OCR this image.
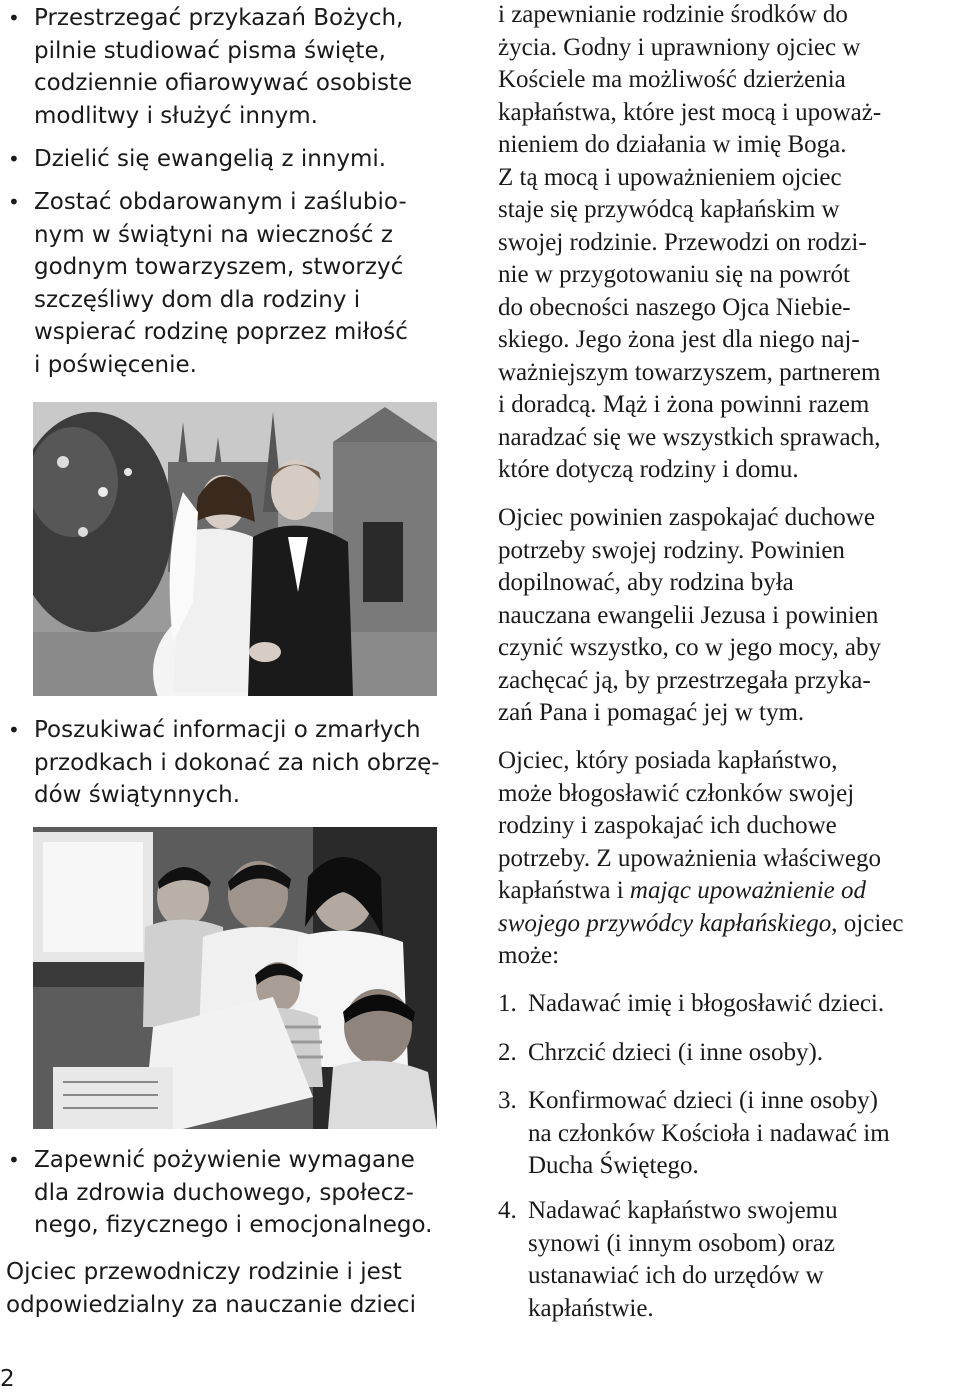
• Przestrzegać przykazań Bożych,
pilnie studiować pisma święte,
codziennie ofiarowywać osobiste
modlitwy i służyć innym.
• Dzielić się ewangelią z innymi.
• Zostać obdarowanym i zaślubio-
nym w świątyni na wieczność z
godnym towarzyszem, stworzyć
szczęśliwy dom dla rodziny i
wspierać rodzinę poprzez miłość
i poświęcenie.
• Poszukiwać informacji o zmarłych
przodkach i dokonać za nich obrzę-
dów świątynnych.
• Zapewnić pożywienie wymagane
dla zdrowia duchowego, społecz-
nego, fizycznego i emocjonalnego.
Ojciec przewodniczy rodzinie i jest
odpowiedzialny za nauczanie dzieci
2
i zapewnianie rodzinie środków do
życia. Godny i uprawniony ojciec w
Kościele ma możliwość dzierżenia
kapłaństwa, które jest mocą i upoważ-
nieniem do działania w imię Boga.
Z tą mocą i upoważnieniem ojciec
staje się przywódcą kapłańskim w
swojej rodzinie. Przewodzi on rodzi-
nie w przygotowaniu się na powrót
do obecności naszego Ojca Niebie-
skiego. Jego żona jest dla niego naj-
ważniejszym towarzyszem, partnerem
i doradcą. Mąż i żona powinni razem
naradzać się we wszystkich sprawach,
które dotyczą rodziny i domu.
Ojciec powinien zaspokajać duchowe
potrzeby swojej rodziny. Powinien
dopilnować, aby rodzina była
nauczana ewangelii Jezusa i powinien
czynić wszystko, co w jego mocy, aby
zachęcać ją, by przestrzegała przyka-
zań Pana i pomagać jej w tym.
Ojciec, który posiada kapłaństwo,
może błogosławić członków swojej
rodziny i zaspokajać ich duchowe
potrzeby. Z upoważnienia właściwego
kapłaństwa i mając upoważnienie od
swojego przywódcy kapłańskiego, ojciec
może:
1. Nadawać imię i błogosławić dzieci.
2. Chrzcić dzieci (i inne osoby).
3. Konfirmować dzieci (i inne osoby)
na członków Kościoła i nadawać im
Ducha Świętego.
4. Nadawać kapłaństwo swojemu
synowi (i innym osobom) oraz
ustanawiać ich do urzędów w
kapłaństwie.
